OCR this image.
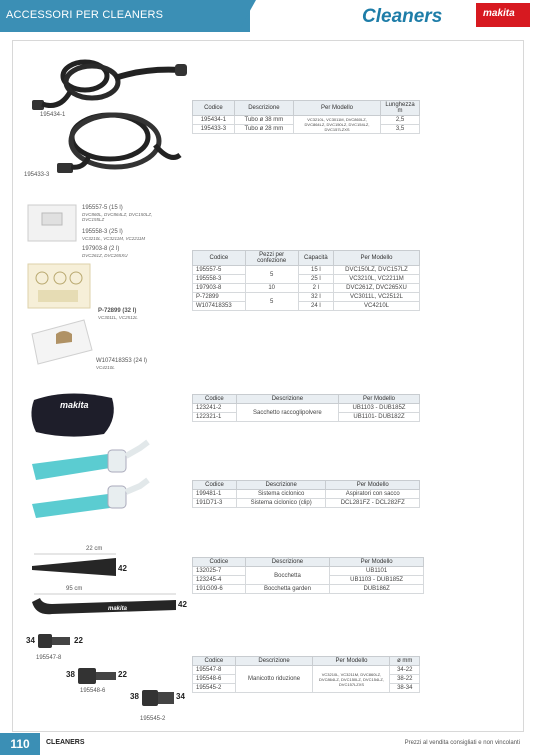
ACCESSORI PER CLEANERS	Cleaners	makita
195434-1
195433-3
Codice	Descrizione	Per Modello	Lunghezza m
195434-1	Tubo ø 38 mm	VC3210L, VC3011M, DVC860LZ, DVC864LZ, DVC150LZ, DVC154LZ, DVC157LZXS	2,5
195433-3	Tubo ø 28 mm		3,5
195557-5 (15 l)
DVC860L, DVC864LZ, DVC150LZ, DVC155LZ
195558-3 (25 l)
VC3210L, VC3211M, VC2211M
197903-8 (2 l)
DVC261Z, DVC265XU
P-72899 (32 l)
VC3011L, VC2512L
W107418353 (24 l)
VC4210L
Codice	Pezzi per confezione	Capacità	Per Modello
195557-5	5	15 l	DVC150LZ, DVC157LZ
195558-3		25 l	VC3210L, VC2211M
197903-8	10	2 l	DVC261Z, DVC265XU
P-72899	5	32 l	VC3011L, VC2512L
W107418353		24 l	VC4210L
makita
Codice	Descrizione	Per Modello
123241-2	Sacchetto raccoglipolvere	UB1103 - DUB185Z
122321-1		UB1101- DUB182Z
Codice	Descrizione	Per Modello
199481-1	Sistema ciclonico	Aspiratori con sacco
191D71-3	Sistema ciclonico (clip)	DCL281FZ - DCL282FZ
22 cm
42
95 cm
makita	42
Codice	Descrizione	Per Modello
132025-7	Bocchetta	UB1101
123245-4		UB1103 - DUB185Z
191G09-6	Bocchetta garden	DUB186Z
34	22
195547-8
38	22
195548-6
38	34
195545-2
Codice	Descrizione	Per Modello	ø mm
195547-8	Manicotto riduzione	VC3210L, VC3211M, DVC860LZ, DVC864LZ, DVC150LZ, DVC154LZ, DVC157LZXS	34-22
195548-6			38-22
195545-2			38-34
110	CLEANERS	Prezzi al vendita consigliati e non vincolanti
